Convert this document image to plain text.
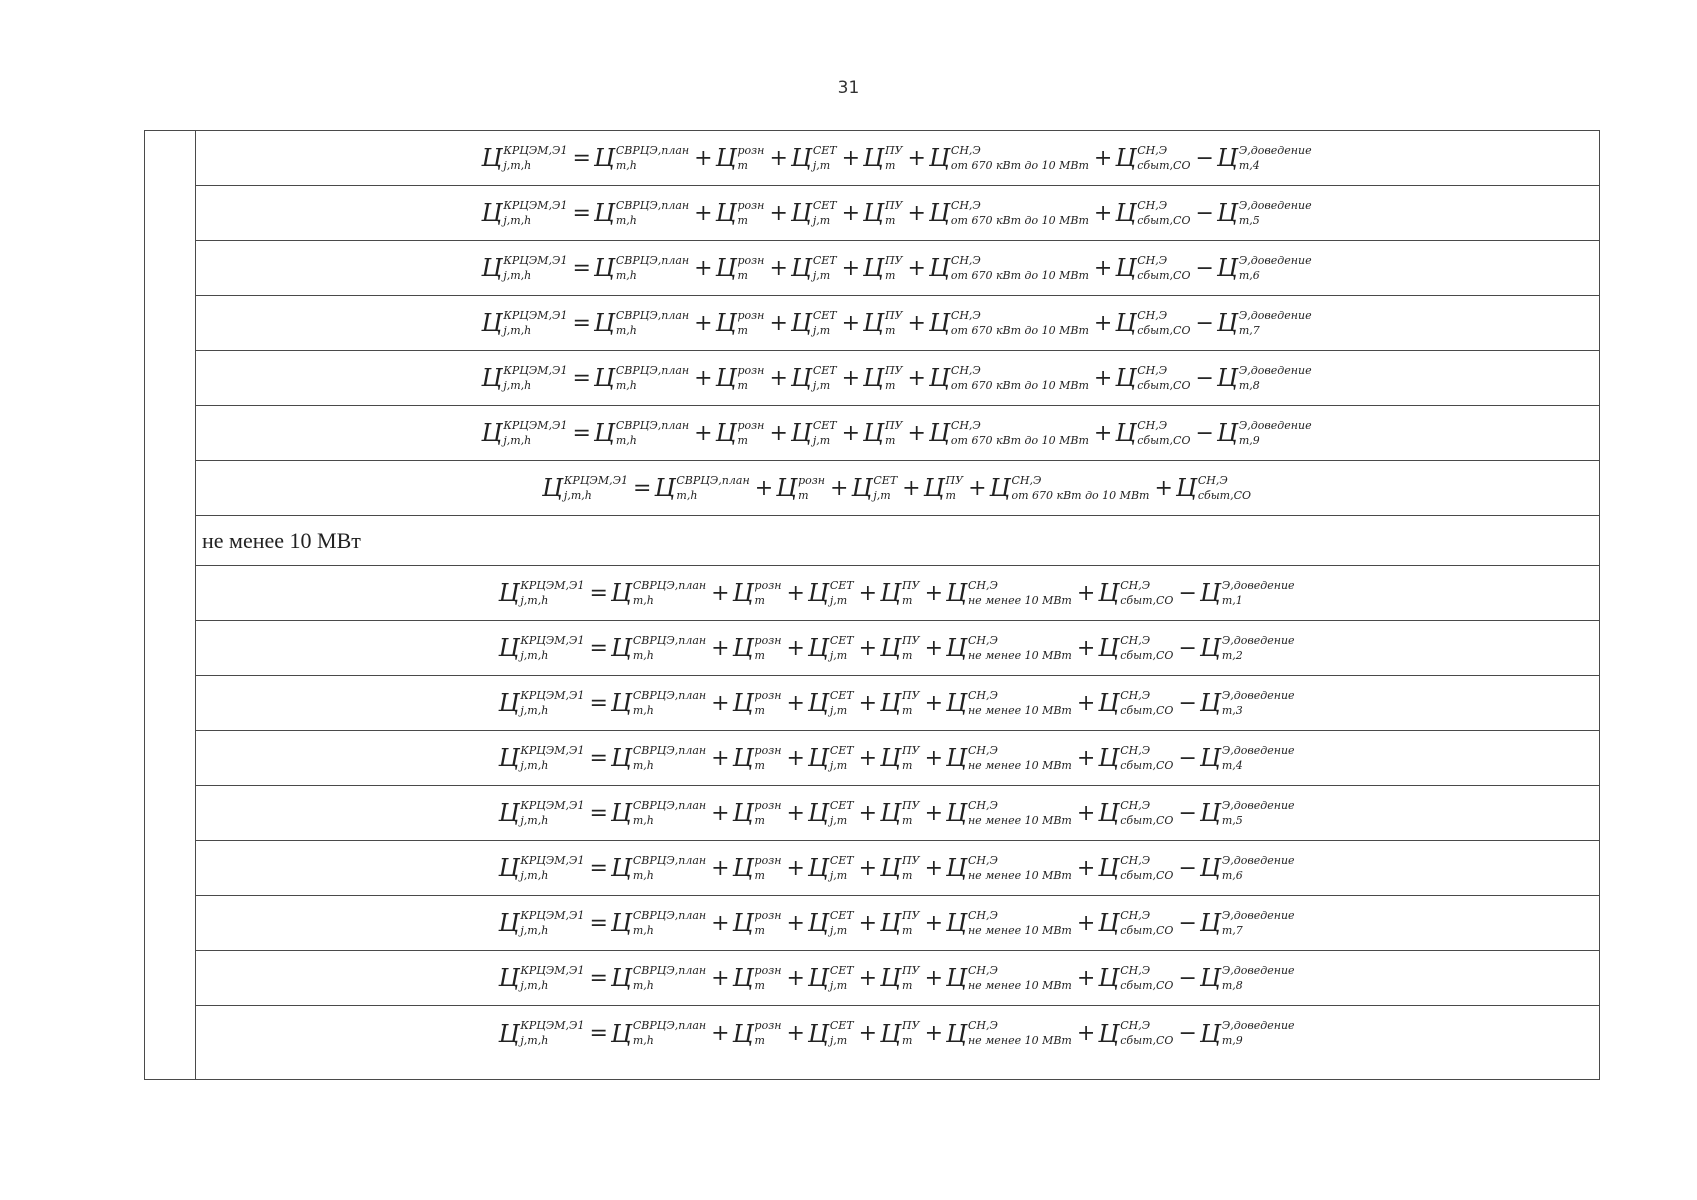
31
Ц КРЦЭМ,Э1
j,m,h	= Ц СВРЦЭ,план
m,h	+ Ц розн
m + Ц СЕТ
j,m + Ц ПУ
m + Ц СН,Э
от 670 кВт до 10 МВт + Ц СН,Э
сбыт,СО − Ц Э,доведение
m,4
Ц КРЦЭМ,Э1
j,m,h	= Ц СВРЦЭ,план
m,h	+ Ц розн
m + Ц СЕТ
j,m + Ц ПУ
m + Ц СН,Э
от 670 кВт до 10 МВт + Ц СН,Э
сбыт,СО − Ц Э,доведение
m,5
Ц КРЦЭМ,Э1
j,m,h	= Ц СВРЦЭ,план
m,h	+ Ц розн
m + Ц СЕТ
j,m + Ц ПУ
m + Ц СН,Э
от 670 кВт до 10 МВт + Ц СН,Э
сбыт,СО − Ц Э,доведение
m,6
Ц КРЦЭМ,Э1
j,m,h	= Ц СВРЦЭ,план
m,h	+ Ц розн
m + Ц СЕТ
j,m + Ц ПУ
m + Ц СН,Э
от 670 кВт до 10 МВт + Ц СН,Э
сбыт,СО − Ц Э,доведение
m,7
Ц КРЦЭМ,Э1
j,m,h	= Ц СВРЦЭ,план
m,h	+ Ц розн
m + Ц СЕТ
j,m + Ц ПУ
m + Ц СН,Э
от 670 кВт до 10 МВт + Ц СН,Э
сбыт,СО − Ц Э,доведение
m,8
Ц КРЦЭМ,Э1
j,m,h	= Ц СВРЦЭ,план
m,h	+ Ц розн
m + Ц СЕТ
j,m + Ц ПУ
m + Ц СН,Э
от 670 кВт до 10 МВт + Ц СН,Э
сбыт,СО − Ц Э,доведение
m,9
Ц КРЦЭМ,Э1
j,m,h	= Ц СВРЦЭ,план
m,h	+ Ц розн
m + Ц СЕТ
j,m + Ц ПУ
m + Ц СН,Э
от 670 кВт до 10 МВт + Ц СН,Э
сбыт,СО
не менее 10 МВт
Ц КРЦЭМ,Э1
j,m,h	= Ц СВРЦЭ,план
m,h	+ Ц розн
m + Ц СЕТ
j,m + Ц ПУ
m + Ц СН,Э
не менее 10 МВт + Ц СН,Э
сбыт,СО − Ц Э,доведение
m,1
Ц КРЦЭМ,Э1
j,m,h	= Ц СВРЦЭ,план
m,h	+ Ц розн
m + Ц СЕТ
j,m + Ц ПУ
m + Ц СН,Э
не менее 10 МВт + Ц СН,Э
сбыт,СО − Ц Э,доведение
m,2
Ц КРЦЭМ,Э1
j,m,h	= Ц СВРЦЭ,план
m,h	+ Ц розн
m + Ц СЕТ
j,m + Ц ПУ
m + Ц СН,Э
не менее 10 МВт + Ц СН,Э
сбыт,СО − Ц Э,доведение
m,3
Ц КРЦЭМ,Э1
j,m,h	= Ц СВРЦЭ,план
m,h	+ Ц розн
m + Ц СЕТ
j,m + Ц ПУ
m + Ц СН,Э
не менее 10 МВт + Ц СН,Э
сбыт,СО − Ц Э,доведение
m,4
Ц КРЦЭМ,Э1
j,m,h	= Ц СВРЦЭ,план
m,h	+ Ц розн
m + Ц СЕТ
j,m + Ц ПУ
m + Ц СН,Э
не менее 10 МВт + Ц СН,Э
сбыт,СО − Ц Э,доведение
m,5
Ц КРЦЭМ,Э1
j,m,h	= Ц СВРЦЭ,план
m,h	+ Ц розн
m + Ц СЕТ
j,m + Ц ПУ
m + Ц СН,Э
не менее 10 МВт + Ц СН,Э
сбыт,СО − Ц Э,доведение
m,6
Ц КРЦЭМ,Э1
j,m,h	= Ц СВРЦЭ,план
m,h	+ Ц розн
m + Ц СЕТ
j,m + Ц ПУ
m + Ц СН,Э
не менее 10 МВт + Ц СН,Э
сбыт,СО − Ц Э,доведение
m,7
Ц КРЦЭМ,Э1
j,m,h	= Ц СВРЦЭ,план
m,h	+ Ц розн
m + Ц СЕТ
j,m + Ц ПУ
m + Ц СН,Э
не менее 10 МВт + Ц СН,Э
сбыт,СО − Ц Э,доведение
m,8
Ц КРЦЭМ,Э1
j,m,h	= Ц СВРЦЭ,план
m,h	+ Ц розн
m + Ц СЕТ
j,m + Ц ПУ
m + Ц СН,Э
не менее 10 МВт + Ц СН,Э
сбыт,СО − Ц Э,доведение
m,9
